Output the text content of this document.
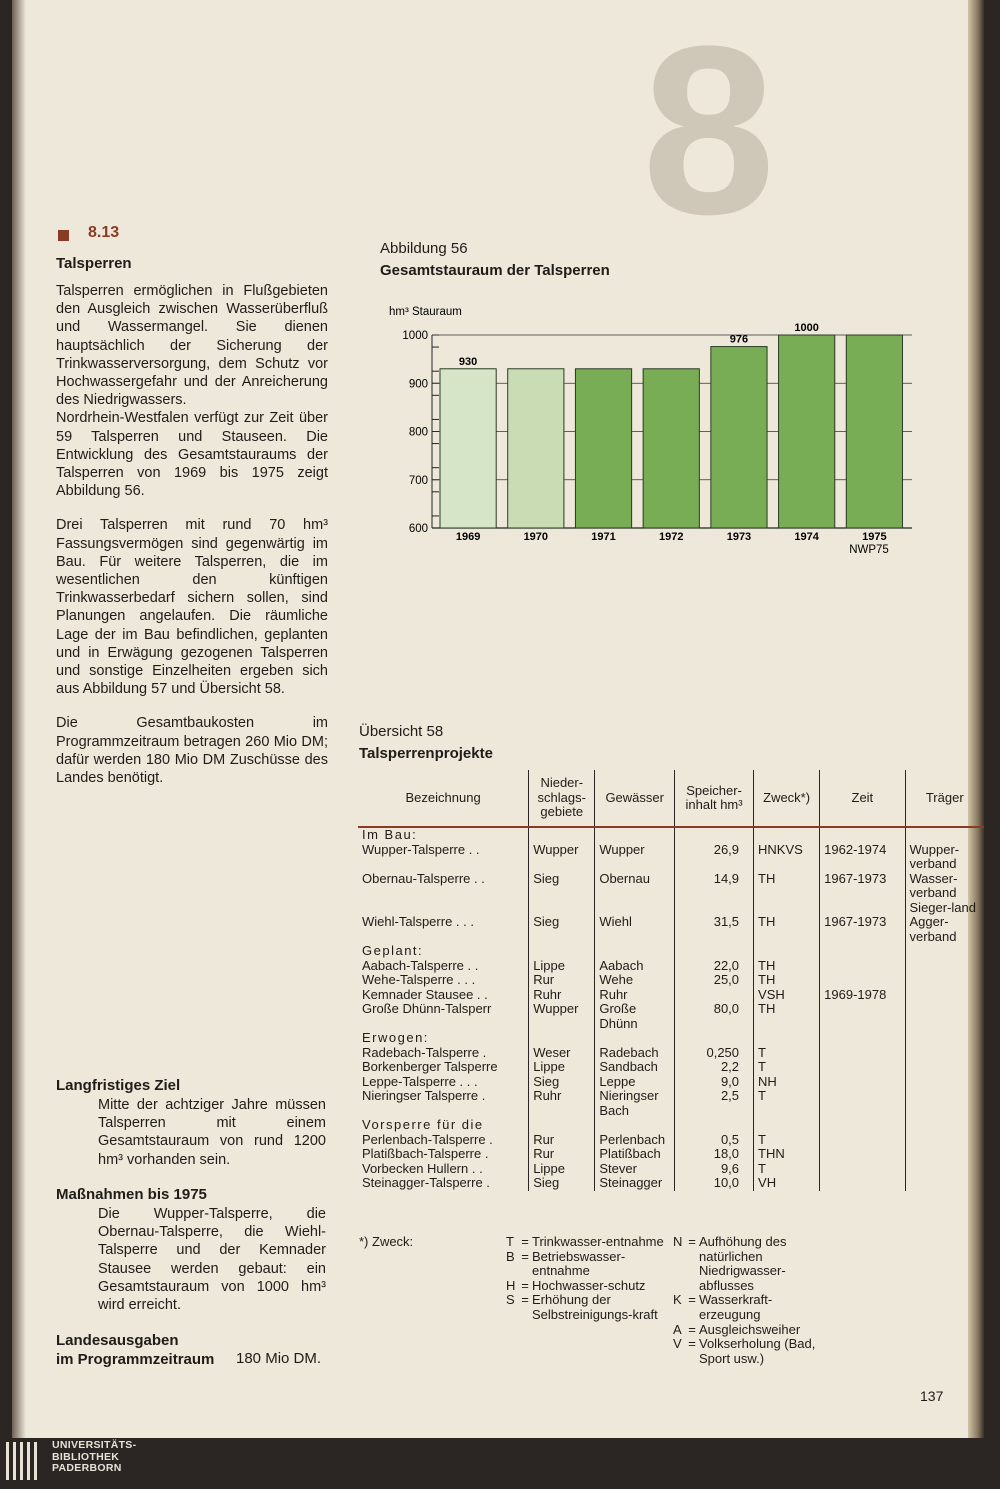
8
8.13
Talsperren

Talsperren ermöglichen in Flußgebieten den Ausgleich zwischen Wasserüberfluß und Wassermangel. Sie dienen hauptsächlich der Sicherung der Trinkwasserversorgung, dem Schutz vor Hochwassergefahr und der Anreicherung des Niedrigwassers.

Nordrhein-Westfalen verfügt zur Zeit über 59 Talsperren und Stauseen. Die Entwicklung des Gesamtstauraums der Talsperren von 1969 bis 1975 zeigt Abbildung 56.

Drei Talsperren mit rund 70 hm³ Fassungsvermögen sind gegenwärtig im Bau. Für weitere Talsperren, die im wesentlichen den künftigen Trinkwasserbedarf sichern sollen, sind Planungen angelaufen. Die räumliche Lage der im Bau befindlichen, geplanten und in Erwägung gezogenen Talsperren und sonstige Einzelheiten ergeben sich aus Abbildung 57 und Übersicht 58.

Die Gesamtbaukosten im Programmzeitraum betragen 260 Mio DM; dafür werden 180 Mio DM Zuschüsse des Landes benötigt.

Langfristiges Ziel
Mitte der achtziger Jahre müssen Talsperren mit einem Gesamtstauraum von rund 1200 hm³ vorhanden sein.
Maßnahmen bis 1975
Die Wupper-Talsperre, die Obernau-Talsperre, die Wiehl-Talsperre und der Kemnader Stausee werden gebaut: ein Gesamtstauraum von 1000 hm³ wird erreicht.
Landesausgaben
im Programmzeitraum 180 Mio DM.
Abbildung 56
Gesamtstauraum der Talsperren
hm³ Stauraum
600
700
800
900
1000
1969
930
1970	1971	1972	1973
976
1974
1000
1975
NWP75
Übersicht 58
Talsperrenprojekte
Bezeichnung	Nieder-schlags-gebiete	Gewässer	Speicher-inhalt hm³	Zweck*)	Zeit	Träger
Im Bau:						
Wupper-Talsperre . .	Wupper	Wupper	26,9	HNKVS	1962-1974	Wupper-verband
Obernau-Talsperre . .	Sieg	Obernau	14,9	TH	1967-1973	Wasser-verband Sieger-land
Wiehl-Talsperre . . .	Sieg	Wiehl	31,5	TH	1967-1973	Agger-verband
Geplant:						
Aabach-Talsperre . .	Lippe	Aabach	22,0	TH		
Wehe-Talsperre . . .	Rur	Wehe	25,0	TH		
Kemnader Stausee . .	Ruhr	Ruhr		VSH	1969-1978	
Große Dhünn-Talsperr	Wupper	Große Dhünn	80,0	TH		
Erwogen:						
Radebach-Talsperre .	Weser	Radebach	0,250	T		
Borkenberger Talsperre	Lippe	Sandbach	2,2	T		
Leppe-Talsperre . . .	Sieg	Leppe	9,0	NH		
Nieringser Talsperre .	Ruhr	Nieringser Bach	2,5	T		
Vorsperre für die						
Perlenbach-Talsperre .	Rur	Perlenbach	0,5	T		
Platißbach-Talsperre .	Rur	Platißbach	18,0	THN		
Vorbecken Hullern . .	Lippe	Stever	9,6	T		
Steinagger-Talsperre .	Sieg	Steinagger	10,0	VH		
*) Zweck:	T = Trinkwasser-entnahme
B = Betriebswasser-entnahme
H = Hochwasser-schutz
S = Erhöhung der Selbstreinigungs-kraft
N = Aufhöhung des natürlichen Niedrigwasser-abflusses
K = Wasserkraft-erzeugung
A = Ausgleichsweiher
V = Volkserholung (Bad, Sport usw.)
137
UNIVERSITÄTS-
BIBLIOTHEK
PADERBORN
